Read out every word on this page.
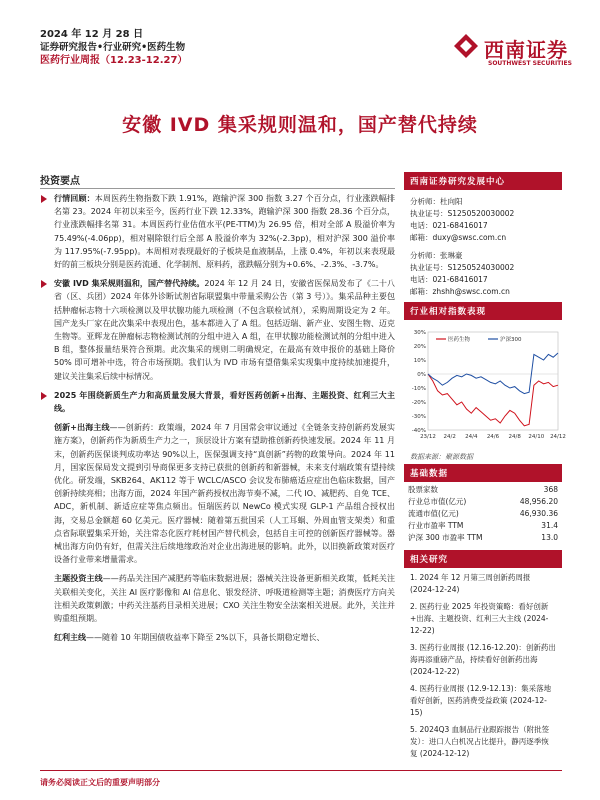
2024 年 12 月 28 日
证券研究报告•行业研究•医药生物
医药行业周报（12.23-12.27）	西南证券
SOUTHWEST SECURITIES
安徽 IVD 集采规则温和，国产替代持续
投资要点

行情回顾：本周医药生物指数下跌 1.91%，跑输沪深 300 指数 3.27 个百分点，行业涨跌幅排名第 23。2024 年初以来至今，医药行业下跌 12.33%，跑输沪深 300 指数 28.36 个百分点，行业涨跌幅排名第 31。本周医药行业估值水平(PE-TTM)为 26.95 倍，相对全部 A 股溢价率为 75.49%(-4.06pp)，相对剔除银行后全部 A 股溢价率为 32%(-2.3pp)，相对沪深 300 溢价率为 117.95%(-7.95pp)。本周相对表现最好的子板块是血液制品，上涨 0.4%，年初以来表现最好的前三板块分别是医药流通、化学制剂、原料药，涨跌幅分别为+0.6%、-2.3%、-3.7%。

安徽 IVD 集采规则温和，国产替代持续。2024 年 12 月 24 日，安徽省医保局发布了《二十八省（区、兵团）2024 年体外诊断试剂省际联盟集中带量采购公告（第 3 号）》。集采品种主要包括肿瘤标志物十六项检测以及甲状腺功能九项检测（不包含联检试剂），采购周期设定为 2 年。国产龙头厂家在此次集采中表现出色，基本都进入了 A 组。包括迈瑞、新产业、安图生物、迈克生物等。亚辉龙在肿瘤标志物检测试剂的分组中进入 A 组，在甲状腺功能检测试剂的分组中进入 B 组，整体报量结果符合预期。此次集采的规则二明确规定，在最高有效申报价的基础上降价 50% 即可增补中选，符合市场预期。我们认为 IVD 市场有望借集采实现集中度持续加速提升，建议关注集采后续中标情况。

2025 年围绕新质生产力和高质量发展大背景，看好医药创新+出海、主题投资、红利三大主线。

创新+出海主线——创新药：政策端，2024 年 7 月国常会审议通过《全链条支持创新药发展实施方案》，创新药作为新质生产力之一，顶层设计方案有望助推创新药快速发展。2024 年 11 月末，创新药医保谈判成功率达 90%以上，医保强调支持“真创新”药物的政策导向。2024 年 11 月，国家医保局发文提到引导商保更多支持已获批的创新药和新器械，未来支付端政策有望持续优化。研发端，SKB264、AK112 等于 WCLC/ASCO 会议发布肺癌适应症出色临床数据，国产创新持续亮相；出海方面，2024 年国产新药授权出海节奏不减，二代 IO、减肥药、自免 TCE、ADC，新机制、新适应症等焦点频出。恒瑞医药以 NewCo 模式实现 GLP-1 产品组合授权出海，交易总金额超 60 亿美元。医疗器械：随着第五批国采（人工耳蜗、外周血管支架类）和重点省际联盟集采开始，关注常态化医疗耗材国产替代机会，包括自主可控的创新医疗器械等。器械出海方向仍有好，但需关注后续地缘政治对企业出海进展的影响。此外，以旧换新政策对医疗设备行业带来增量需求。

主题投资主线——药品关注国产减肥药等临床数据进展；器械关注设备更新相关政策，低耗关注关联相关变化，关注 AI 医疗影像和 AI 信息化、银发经济、呼吸道检测等主题；消费医疗方向关注相关政策刺激；中药关注基药目录相关进展；CXO 关注生物安全法案相关进展。此外，关注并购重组预期。

红利主线——随着 10 年期国债收益率下降至 2%以下，具备长期稳定增长、

西南证券研究发展中心
分析师：杜向阳
执业证号：S1250520030002
电话：021-68416017
邮箱：duxy@swsc.com.cn
分析师：张琳豪
执业证号：S1250524030002
电话：021-68416017
邮箱：zhshh@swsc.com.cn
行业相对指数表现
30%
20%
10%
0%
-10%
-20%
-30%
-40%
23/12 24/2 24/4 24/6 24/8 24/10 24/12
医药生物	沪深300
数据来源：聚源数据
基础数据
股票家数	368
行业总市值(亿元)	48,956.20
流通市值(亿元)	46,930.36
行业市盈率 TTM	31.4
沪深 300 市盈率 TTM	13.0
相关研究
1. 2024 年 12 月第三周创新药周报 (2024-12-24)
2. 医药行业 2025 年投资策略：看好创新+出海、主题投资、红利三大主线 (2024-12-22)
3. 医药行业周报 (12.16-12.20)：创新药出海再添重磅产品，持续看好创新药出海 (2024-12-22)
4. 医药行业周报 (12.9-12.13)：集采落地看好创新，医药消费受益政策 (2024-12-15)
5. 2024Q3 血制品行业跟踪报告（附批签发）：进口人白机况占比提升，静丙逐季恢复 (2024-12-12)
请务必阅读正文后的重要声明部分
